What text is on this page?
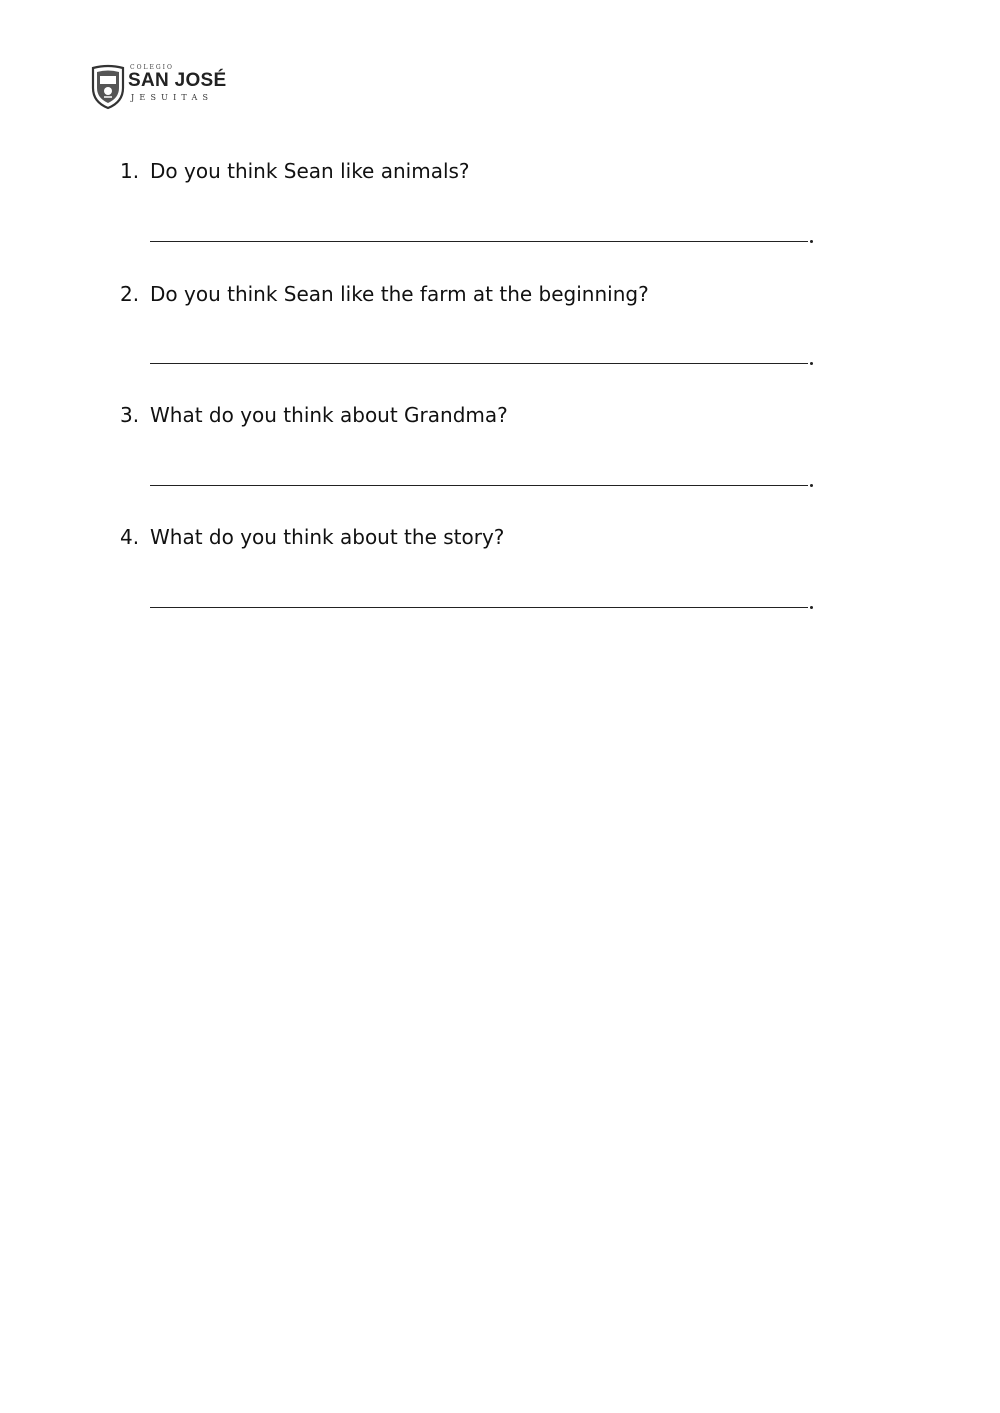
COLEGIO
SAN JOSÉ
JESUITAS
1. Do you think Sean like animals?
2. Do you think Sean like the farm at the beginning?
3. What do you think about Grandma?
4. What do you think about the story?
